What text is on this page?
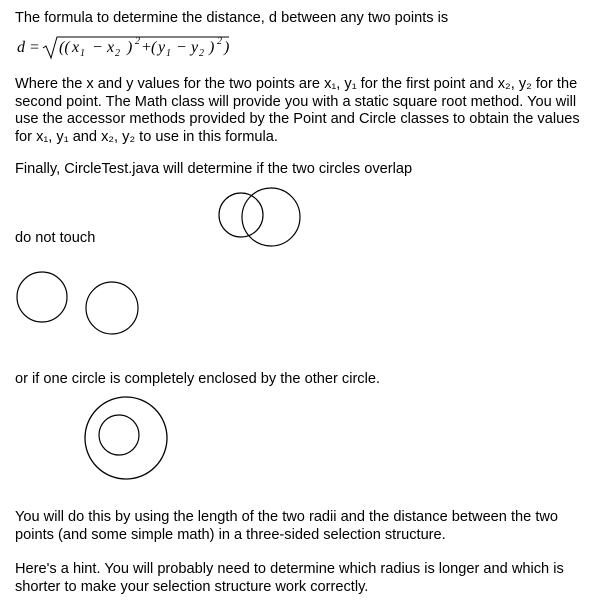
The formula to determine the distance, d between any two points is

d = (( x 1 − x 2 ) 2 + ( y 1 − y 2 ) 2 )
Where the x and y values for the two points are x₁, y₁ for the first point and x₂, y₂ for the
second point. The Math class will provide you with a static square root method. You will
use the accessor methods provided by the Point and Circle classes to obtain the values
for x₁, y₁ and x₂, y₂ to use in this formula.

Finally, CircleTest.java will determine if the two circles overlap

do not touch

or if one circle is completely enclosed by the other circle.

You will do this by using the length of the two radii and the distance between the two
points (and some simple math) in a three-sided selection structure.
Here's a hint. You will probably need to determine which radius is longer and which is
shorter to make your selection structure work correctly.
